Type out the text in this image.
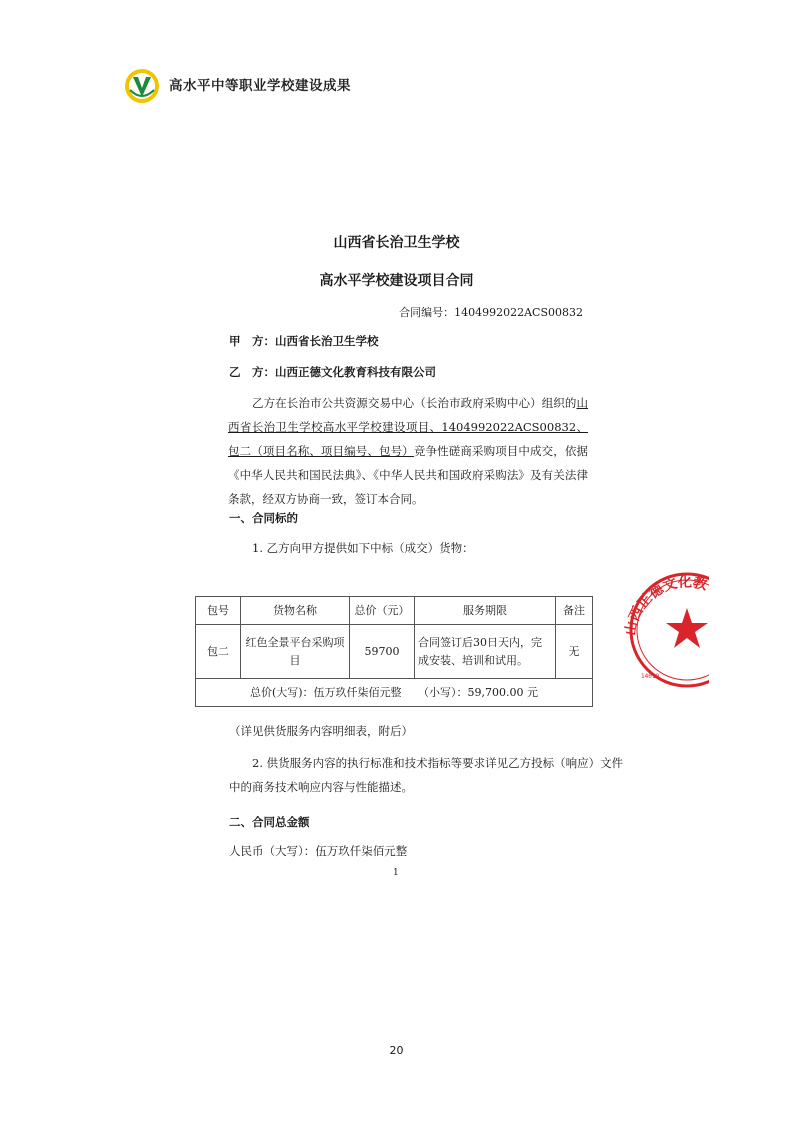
高水平中等职业学校建设成果
山西省长治卫生学校
高水平学校建设项目合同
合同编号：1404992022ACS00832
甲　方：山西省长治卫生学校
乙　方：山西正德文化教育科技有限公司
乙方在长治市公共资源交易中心（长治市政府采购中心）组织的山西省长治卫生学校高水平学校建设项目、1404992022ACS00832、包二（项目名称、项目编号、包号）竞争性磋商采购项目中成交，依据《中华人民共和国民法典》、《中华人民共和国政府采购法》及有关法律条款，经双方协商一致，签订本合同。
一、合同标的
1. 乙方向甲方提供如下中标（成交）货物：
包号	货物名称	总价（元）	服务期限	备注
包二	红色全景平台采购项目	59700	合同签订后30日天内，完成安装、培训和试用。	无
总价(大写)：伍万玖仟柒佰元整　　（小写）：59,700.00 元				
（详见供货服务内容明细表，附后）
2. 供货服务内容的执行标准和技术指标等要求详见乙方投标（响应）文件
中的商务技术响应内容与性能描述。
二、合同总金额
人民币（大写）：伍万玖仟柒佰元整
1
山西正德文化教
14010
20
